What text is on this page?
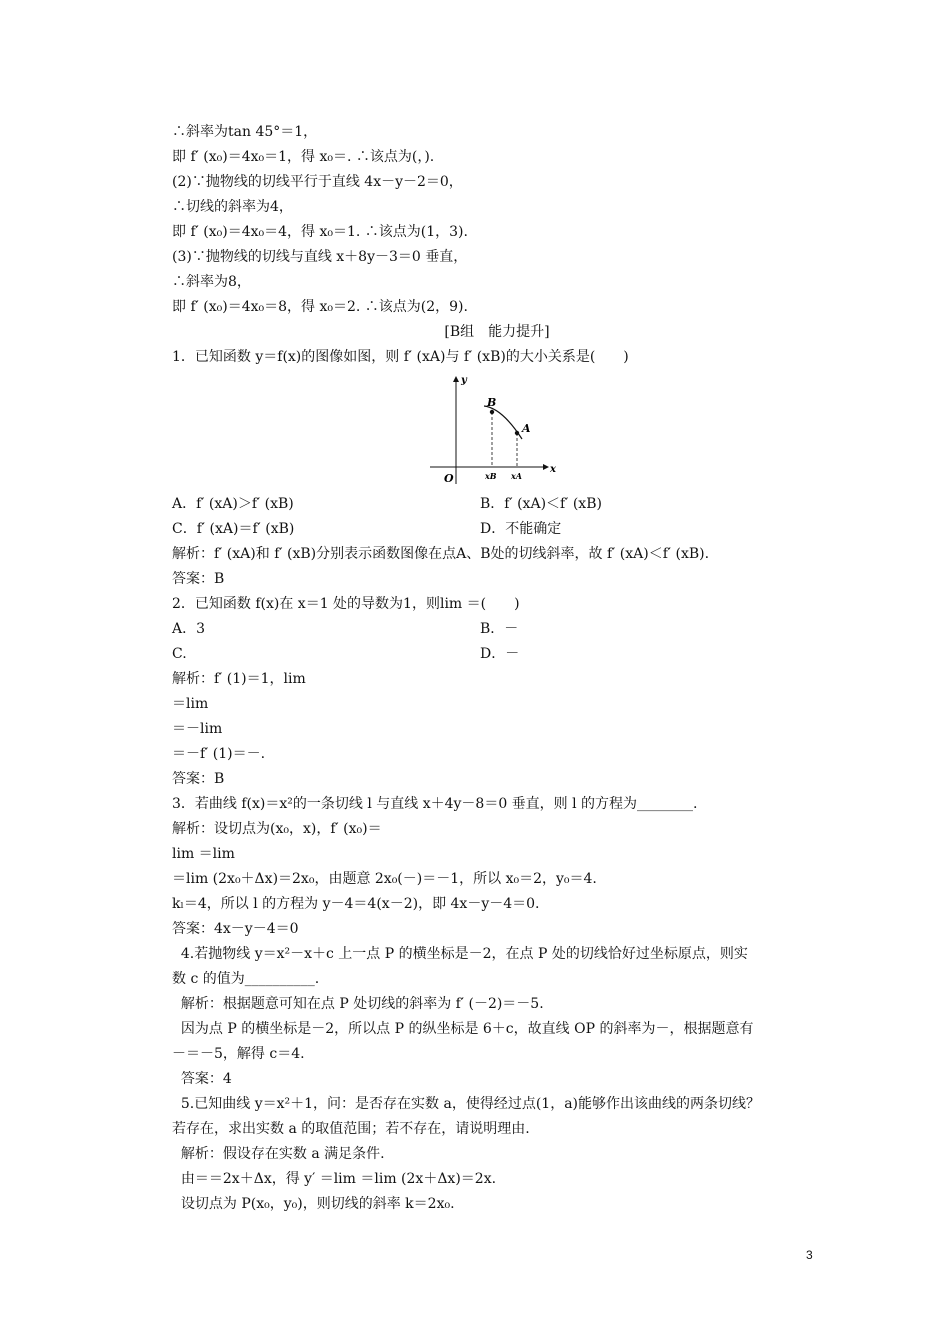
∴斜率为tan 45°＝1，
即 f′ (x₀)＝4x₀＝1，得 x₀＝. ∴该点为(，).
(2)∵抛物线的切线平行于直线 4x－y－2＝0，
∴切线的斜率为4，
即 f′ (x₀)＝4x₀＝4，得 x₀＝1. ∴该点为(1，3).
(3)∵抛物线的切线与直线 x＋8y－3＝0 垂直，
∴斜率为8，
即 f′ (x₀)＝4x₀＝8，得 x₀＝2. ∴该点为(2，9).
[B组　能力提升]
1．已知函数 y＝f(x)的图像如图，则 f′ (xA)与 f′ (xB)的大小关系是(　　)
y
x
O
B
A
xB xA
A．f′ (xA)＞f′ (xB)	B．f′ (xA)＜f′ (xB)
C．f′ (xA)＝f′ (xB)	D．不能确定
解析：f′ (xA)和 f′ (xB)分别表示函数图像在点A、B处的切线斜率，故 f′ (xA)＜f′ (xB).
答案：B
2．已知函数 f(x)在 x＝1 处的导数为1，则lim ＝(　　)
A．3	B．－
C.	D．－
解析：f′ (1)＝1，lim
＝lim
＝－lim
＝－f′ (1)＝－.
答案：B
3．若曲线 f(x)＝x²的一条切线 l 与直线 x＋4y－8＝0 垂直，则 l 的方程为________.
解析：设切点为(x₀，x)，f′ (x₀)＝
lim ＝lim
＝lim (2x₀＋Δx)＝2x₀，由题意 2x₀(－)＝－1，所以 x₀＝2，y₀＝4.
kₗ＝4，所以 l 的方程为 y－4＝4(x－2)，即 4x－y－4＝0.
答案：4x－y－4＝0
4.若抛物线 y＝x²－x＋c 上一点 P 的横坐标是－2，在点 P 处的切线恰好过坐标原点，则实
数 c 的值为__________.
解析：根据题意可知在点 P 处切线的斜率为 f′ (－2)＝－5.
因为点 P 的横坐标是－2，所以点 P 的纵坐标是 6＋c，故直线 OP 的斜率为－，根据题意有
－＝－5，解得 c＝4.
答案：4
5.已知曲线 y＝x²＋1，问：是否存在实数 a，使得经过点(1，a)能够作出该曲线的两条切线？
若存在，求出实数 a 的取值范围；若不存在，请说明理由.
解析：假设存在实数 a 满足条件.
由＝＝2x＋Δx，得 y′ ＝lim ＝lim (2x＋Δx)＝2x.
设切点为 P(x₀，y₀)，则切线的斜率 k＝2x₀.
3
